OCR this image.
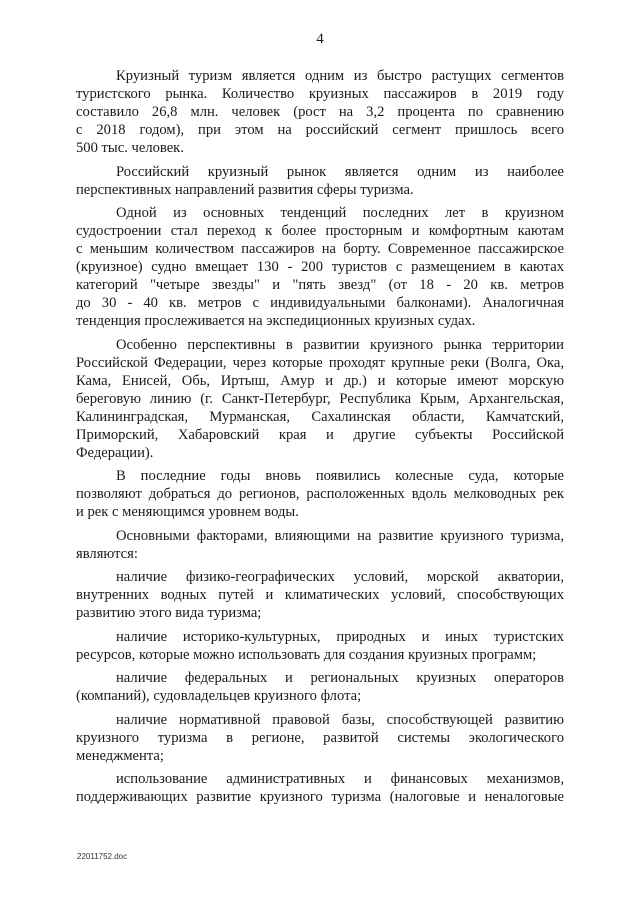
4
Круизный туризм является одним из быстро растущих сегментов
туристского рынка. Количество круизных пассажиров в 2019 году
составило 26,8 млн. человек (рост на 3,2 процента по сравнению
с 2018 годом), при этом на российский сегмент пришлось всего
500 тыс. человек.
Российский круизный рынок является одним из наиболее
перспективных направлений развития сферы туризма.
Одной из основных тенденций последних лет в круизном
судостроении стал переход к более просторным и комфортным каютам
с меньшим количеством пассажиров на борту. Современное пассажирское
(круизное) судно вмещает 130 - 200 туристов с размещением в каютах
категорий "четыре звезды" и "пять звезд" (от 18 - 20 кв. метров
до 30 - 40 кв. метров с индивидуальными балконами). Аналогичная
тенденция прослеживается на экспедиционных круизных судах.
Особенно перспективны в развитии круизного рынка территории
Российской Федерации, через которые проходят крупные реки (Волга, Ока,
Кама, Енисей, Обь, Иртыш, Амур и др.) и которые имеют морскую
береговую линию (г. Санкт-Петербург, Республика Крым, Архангельская,
Калининградская, Мурманская, Сахалинская области, Камчатский,
Приморский, Хабаровский края и другие субъекты Российской
Федерации).
В последние годы вновь появились колесные суда, которые
позволяют добраться до регионов, расположенных вдоль мелководных рек
и рек с меняющимся уровнем воды.
Основными факторами, влияющими на развитие круизного туризма,
являются:
наличие физико-географических условий, морской акватории,
внутренних водных путей и климатических условий, способствующих
развитию этого вида туризма;
наличие историко-культурных, природных и иных туристских
ресурсов, которые можно использовать для создания круизных программ;
наличие федеральных и региональных круизных операторов
(компаний), судовладельцев круизного флота;
наличие нормативной правовой базы, способствующей развитию
круизного туризма в регионе, развитой системы экологического
менеджмента;
использование административных и финансовых механизмов,
поддерживающих развитие круизного туризма (налоговые и неналоговые
22011752.doc
